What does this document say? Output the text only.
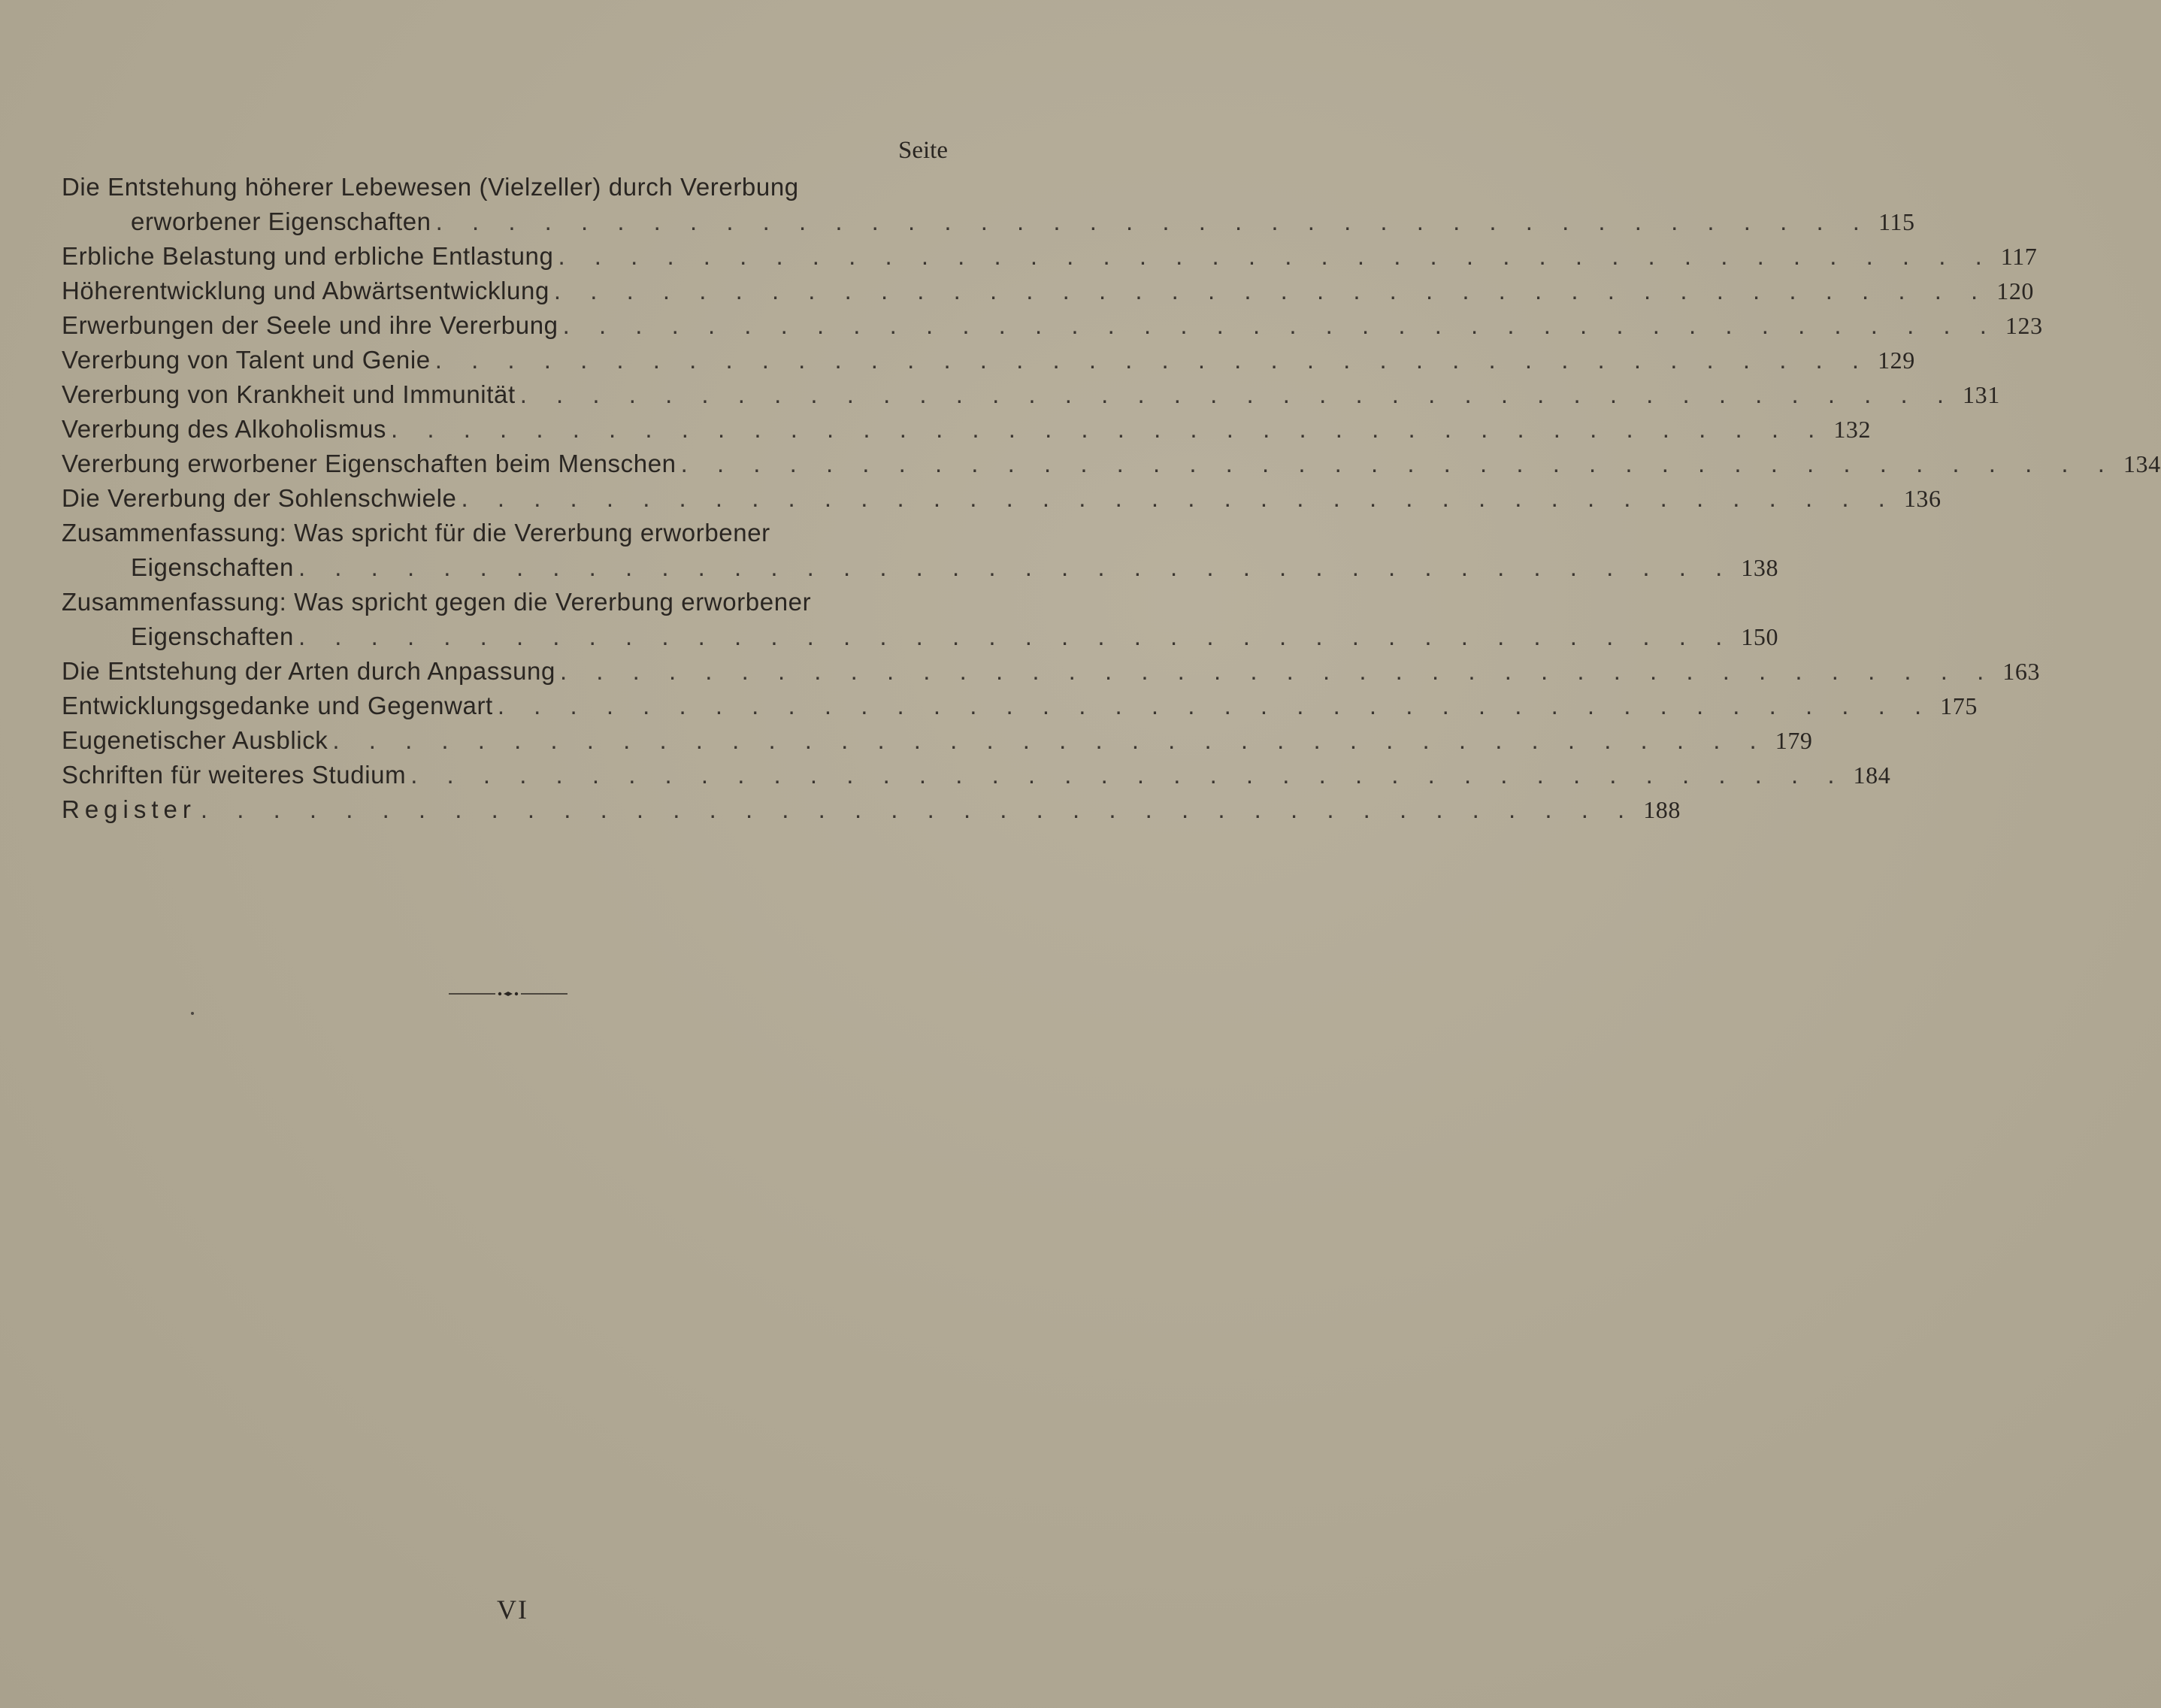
Seite
Die Entstehung höherer Lebewesen (Vielzeller) durch Vererbung
erworbener Eigenschaften . . . . . . . . . . . . . . . . . . . . . . . . . . . . . . . . . . . . . . . . 115
Erbliche Belastung und erbliche Entlastung . . . . . . . . . . . . . . . . . . . . . . . . . . . . . . . . . . . . . . . . 117
Höherentwicklung und Abwärtsentwicklung . . . . . . . . . . . . . . . . . . . . . . . . . . . . . . . . . . . . . . . . 120
Erwerbungen der Seele und ihre Vererbung . . . . . . . . . . . . . . . . . . . . . . . . . . . . . . . . . . . . . . . . 123
Vererbung von Talent und Genie . . . . . . . . . . . . . . . . . . . . . . . . . . . . . . . . . . . . . . . . 129
Vererbung von Krankheit und Immunität . . . . . . . . . . . . . . . . . . . . . . . . . . . . . . . . . . . . . . . . 131
Vererbung des Alkoholismus . . . . . . . . . . . . . . . . . . . . . . . . . . . . . . . . . . . . . . . . 132
Vererbung erworbener Eigenschaften beim Menschen . . . . . . . . . . . . . . . . . . . . . . . . . . . . . . . . . . . . . . . . 134
Die Vererbung der Sohlenschwiele . . . . . . . . . . . . . . . . . . . . . . . . . . . . . . . . . . . . . . . . 136
Zusammenfassung: Was spricht für die Vererbung erworbener
Eigenschaften . . . . . . . . . . . . . . . . . . . . . . . . . . . . . . . . . . . . . . . . 138
Zusammenfassung: Was spricht gegen die Vererbung erworbener
Eigenschaften . . . . . . . . . . . . . . . . . . . . . . . . . . . . . . . . . . . . . . . . 150
Die Entstehung der Arten durch Anpassung . . . . . . . . . . . . . . . . . . . . . . . . . . . . . . . . . . . . . . . . 163
Entwicklungsgedanke und Gegenwart . . . . . . . . . . . . . . . . . . . . . . . . . . . . . . . . . . . . . . . . 175
Eugenetischer Ausblick . . . . . . . . . . . . . . . . . . . . . . . . . . . . . . . . . . . . . . . . 179
Schriften für weiteres Studium . . . . . . . . . . . . . . . . . . . . . . . . . . . . . . . . . . . . . . . . 184
Register . . . . . . . . . . . . . . . . . . . . . . . . . . . . . . . . . . . . . . . . 188
VI
